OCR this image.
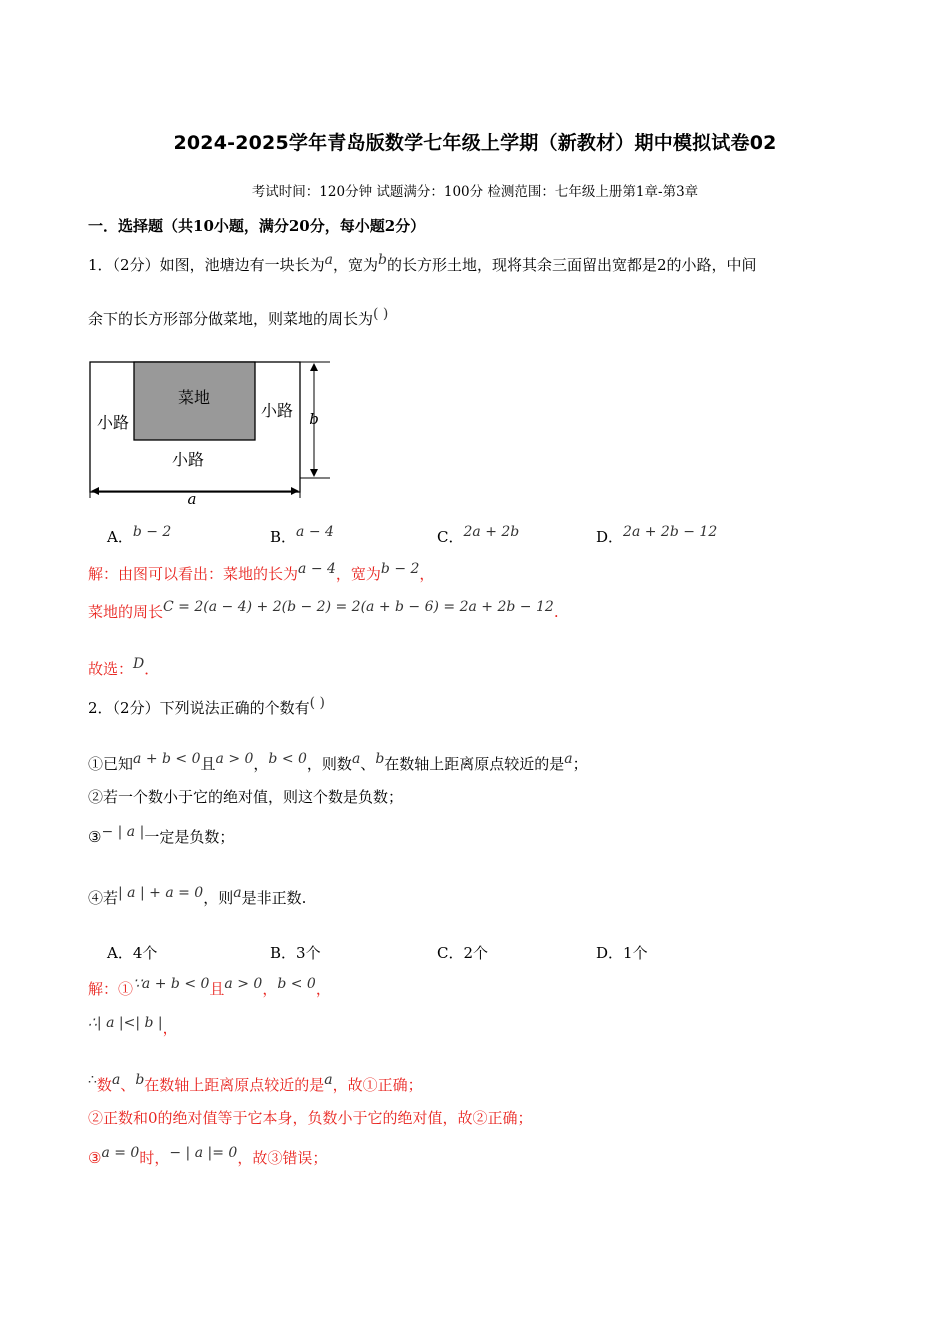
2024-2025学年青岛版数学七年级上学期（新教材）期中模拟试卷02
考试时间：120分钟 试题满分：100分 检测范围：七年级上册第1章-第3章
一．选择题（共10小题，满分20分，每小题2分）
1．（2分）如图，池塘边有一块长为$^a$，宽为$^b$的长方形土地，现将其余三面留出宽都是2的小路，中间
余下的长方形部分做菜地，则菜地的周长为( )
菜地
小路
小路
小路
b
a
A．$^{b - 2}$	B．$^{a - 4}$	C．$^{2a + 2b}$	D．$^{2a + 2b - 12}$
解：由图可以看出：菜地的长为$^{a - 4}$，宽为$^{b - 2}$，
菜地的周长$^{C = 2(a - 4) + 2(b - 2) = 2(a + b - 6) = 2a + 2b - 12}$.
故选：$^D$．
2．（2分）下列说法正确的个数有( )
①已知$^{a + b < 0}$且$^{a > 0}$，$^{b < 0}$，则数$^a$、$^b$在数轴上距离原点较近的是$^a$；
②若一个数小于它的绝对值，则这个数是负数；
③$^{- | a |}$一定是负数；
④若$^{| a | + a = 0}$，则$^a$是非正数.
A．4个	B．3个	C．2个	D．1个
解：①$^{\because a + b < 0}$且$^{a > 0}$，$^{b < 0}$，
$^{\therefore| a |<| b |}$，
∴数$^a$、$^b$在数轴上距离原点较近的是$^a$，故①正确；
②正数和0的绝对值等于它本身，负数小于它的绝对值，故②正确；
③$^{a = 0}$时，$^{- | a |= 0}$，故③错误；
